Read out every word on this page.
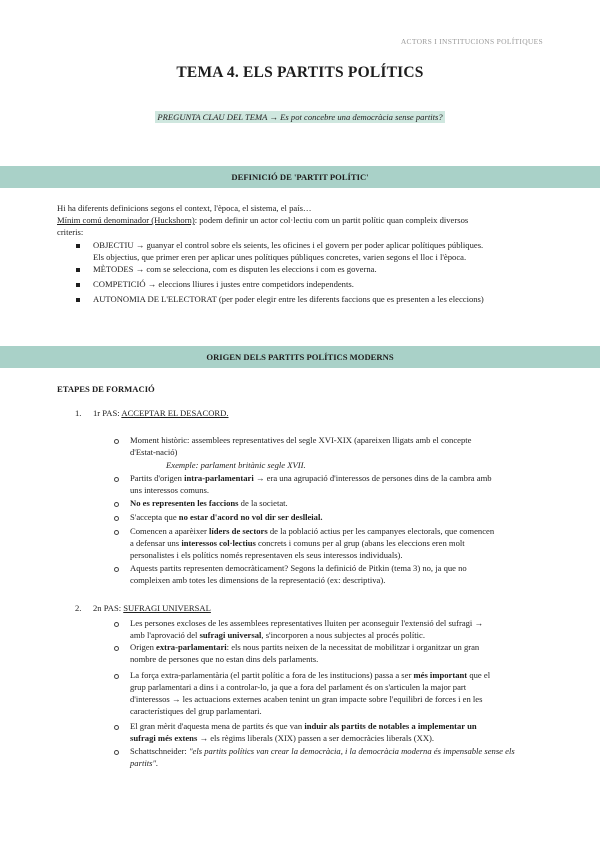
ACTORS I INSTITUCIONS POLÍTIQUES
TEMA 4. ELS PARTITS POLÍTICS
PREGUNTA CLAU DEL TEMA → Es pot concebre una democràcia sense partits?
DEFINICIÓ DE 'PARTIT POLÍTIC'
Hi ha diferents definicions segons el context, l'època, el sistema, el país…
Mínim comú denominador (Huckshorn): podem definir un actor col·lectiu com un partit polític quan compleix diversos
criteris:
OBJECTIU → guanyar el control sobre els seients, les oficines i el govern per poder aplicar polítiques públiques.
Els objectius, que primer eren per aplicar unes polítiques públiques concretes, varien segons el lloc i l'època.
MÈTODES → com se selecciona, com es disputen les eleccions i com es governa.
COMPETICIÓ → eleccions lliures i justes entre competidors independents.
AUTONOMIA DE L'ELECTORAT (per poder elegir entre les diferents faccions que es presenten a les eleccions)
ORIGEN DELS PARTITS POLÍTICS MODERNS
ETAPES DE FORMACIÓ
1. 1r PAS: ACCEPTAR EL DESACORD.
Moment històric: assemblees representatives del segle XVI-XIX (apareixen lligats amb el concepte
d'Estat-nació)
Exemple: parlament britànic segle XVII.
Partits d'origen intra-parlamentari → era una agrupació d'interessos de persones dins de la cambra amb
uns interessos comuns.
No es representen les faccions de la societat.
S'accepta que no estar d'acord no vol dir ser deslleial.
Comencen a aparèixer líders de sectors de la població actius per les campanyes electorals, que comencen
a defensar uns interessos col·lectius concrets i comuns per al grup (abans les eleccions eren molt
personalistes i els polítics només representaven els seus interessos individuals).
Aquests partits representen democràticament? Segons la definició de Pitkin (tema 3) no, ja que no
compleixen amb totes les dimensions de la representació (ex: descriptiva).
2. 2n PAS: SUFRAGI UNIVERSAL
Les persones excloses de les assemblees representatives lluiten per aconseguir l'extensió del sufragi →
amb l'aprovació del sufragi universal, s'incorporen a nous subjectes al procés polític.
Origen extra-parlamentari: els nous partits neixen de la necessitat de mobilitzar i organitzar un gran
nombre de persones que no estan dins dels parlaments.
La força extra-parlamentària (el partit polític a fora de les institucions) passa a ser més important que el
grup parlamentari a dins i a controlar-lo, ja que a fora del parlament és on s'articulen la major part
d'interessos → les actuacions externes acaben tenint un gran impacte sobre l'equilibri de forces i en les
característiques del grup parlamentari.
El gran mèrit d'aquesta mena de partits és que van induir als partits de notables a implementar un
sufragi més extens → els règims liberals (XIX) passen a ser democràcies liberals (XX).
Schattschneider: "els partits polítics van crear la democràcia, i la democràcia moderna és impensable sense els
partits".
